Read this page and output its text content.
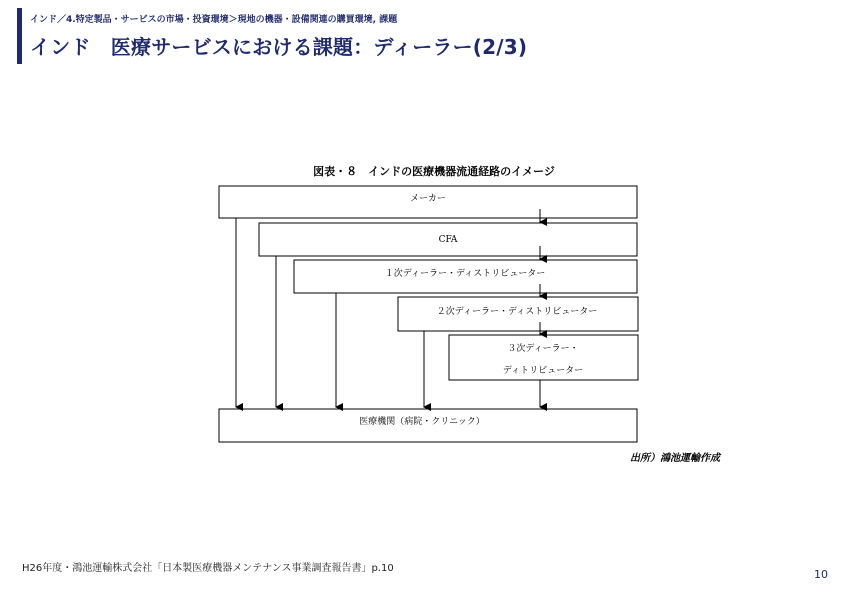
インド／4.特定製品・サービスの市場・投資環境＞現地の機器・設備関連の購買環境, 課題
インド　医療サービスにおける課題：ディーラー(2/3)
図表・８　インドの医療機器流通経路のイメージ
メーカー
CFA
１次ディーラー・ディストリビューター
２次ディーラー・ディストリビューター
３次ディーラー・
ディトリビューター
医療機関（病院・クリニック）
出所）鴻池運輸作成
H26年度・鴻池運輸株式会社「日本製医療機器メンテナンス事業調査報告書」p.10	10
